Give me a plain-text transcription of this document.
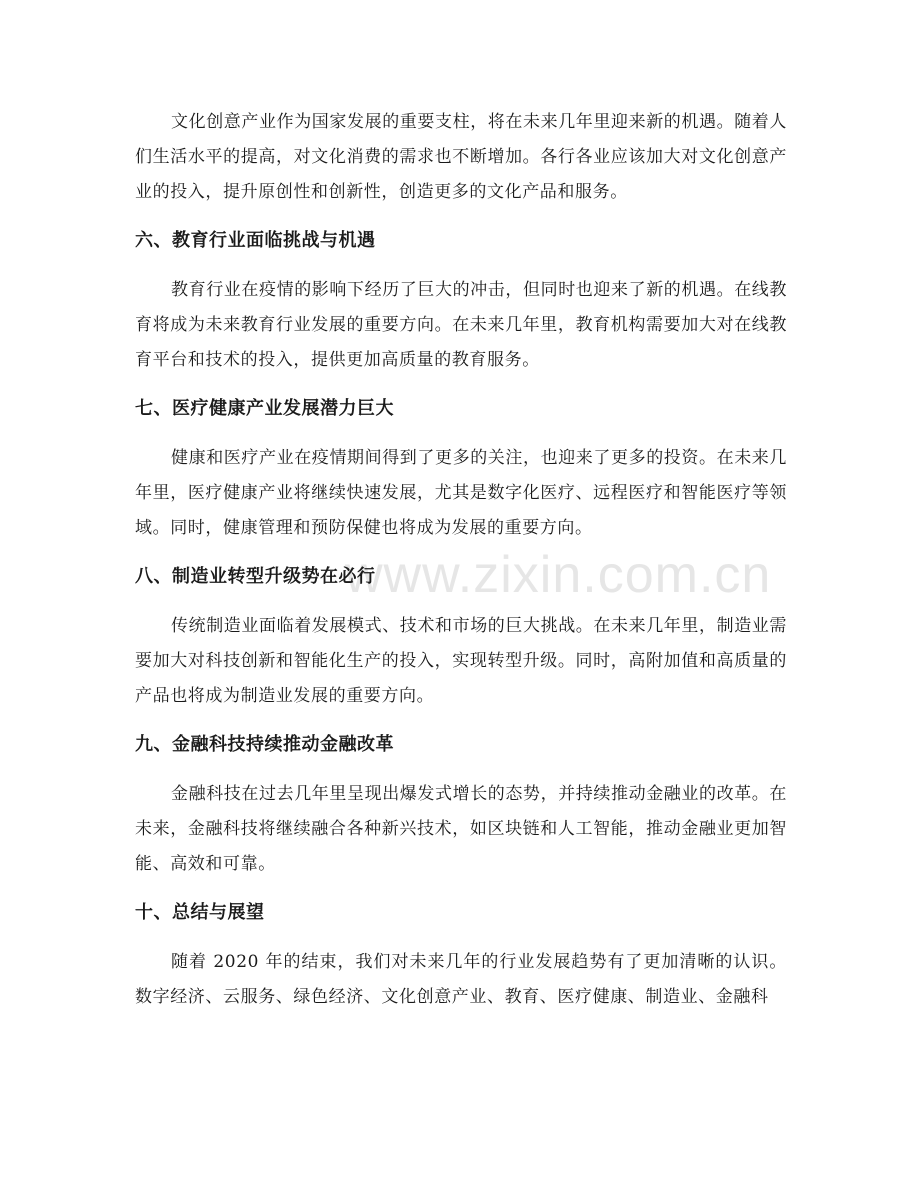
www.zixin.com.cn

文化创意产业作为国家发展的重要支柱，将在未来几年里迎来新的机遇。随着人们生活水平的提高，对文化消费的需求也不断增加。各行各业应该加大对文化创意产业的投入，提升原创性和创新性，创造更多的文化产品和服务。

六、教育行业面临挑战与机遇

教育行业在疫情的影响下经历了巨大的冲击，但同时也迎来了新的机遇。在线教育将成为未来教育行业发展的重要方向。在未来几年里，教育机构需要加大对在线教育平台和技术的投入，提供更加高质量的教育服务。

七、医疗健康产业发展潜力巨大

健康和医疗产业在疫情期间得到了更多的关注，也迎来了更多的投资。在未来几年里，医疗健康产业将继续快速发展，尤其是数字化医疗、远程医疗和智能医疗等领域。同时，健康管理和预防保健也将成为发展的重要方向。

八、制造业转型升级势在必行

传统制造业面临着发展模式、技术和市场的巨大挑战。在未来几年里，制造业需要加大对科技创新和智能化生产的投入，实现转型升级。同时，高附加值和高质量的产品也将成为制造业发展的重要方向。

九、金融科技持续推动金融改革

金融科技在过去几年里呈现出爆发式增长的态势，并持续推动金融业的改革。在未来，金融科技将继续融合各种新兴技术，如区块链和人工智能，推动金融业更加智能、高效和可靠。

十、总结与展望

随着 2020 年的结束，我们对未来几年的行业发展趋势有了更加清晰的认识。数字经济、云服务、绿色经济、文化创意产业、教育、医疗健康、制造业、金融科
